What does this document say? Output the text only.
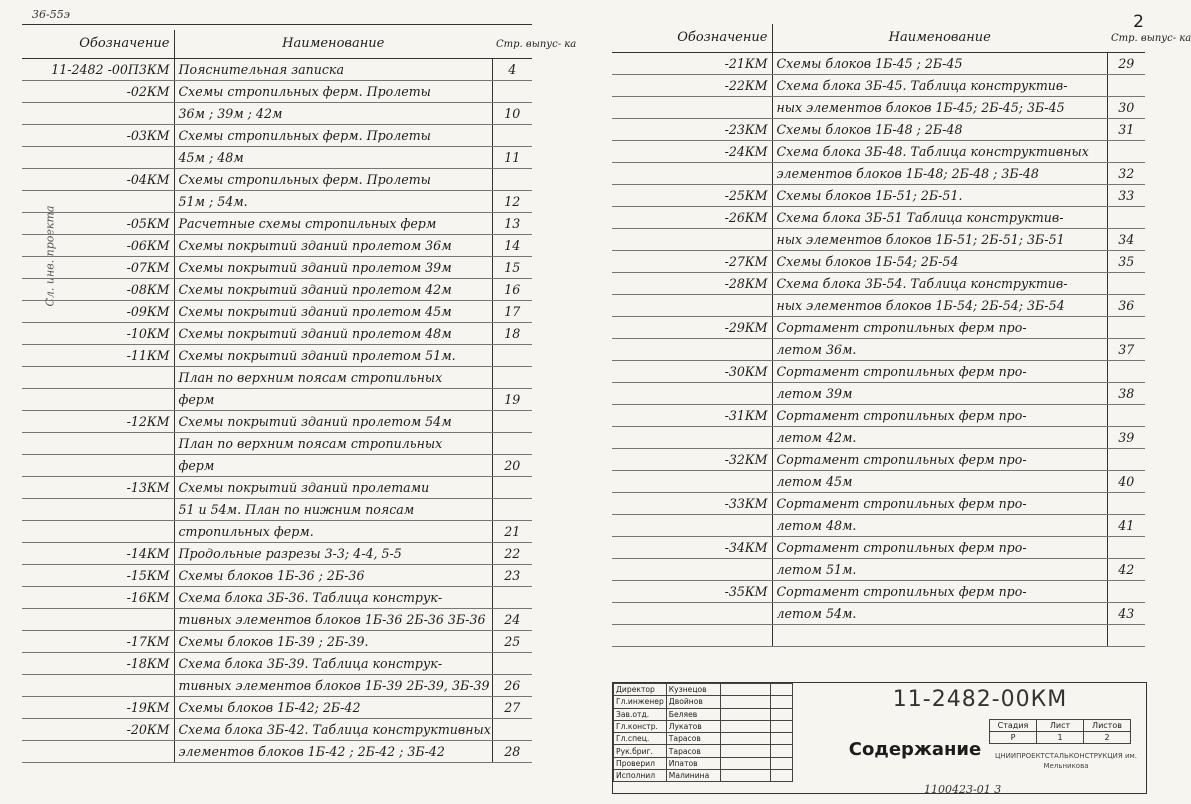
36-55э	2
Сл. инв. проекта
Обозначение	Наименование	Стр. выпус- ка
11-2482 -00П3КМ	Пояснительная записка	4
-02КМ	Схемы стропильных ферм. Пролеты	
	36м ; 39м ; 42м	10
-03КМ	Схемы стропильных ферм. Пролеты	
	45м ; 48м	11
-04КМ	Схемы стропильных ферм. Пролеты	
	51м ; 54м.	12
-05КМ	Расчетные схемы стропильных ферм	13
-06КМ	Схемы покрытий зданий пролетом 36м	14
-07КМ	Схемы покрытий зданий пролетом 39м	15
-08КМ	Схемы покрытий зданий пролетом 42м	16
-09КМ	Схемы покрытий зданий пролетом 45м	17
-10КМ	Схемы покрытий зданий пролетом 48м	18
-11КМ	Схемы покрытий зданий пролетом 51м.	
	План по верхним поясам стропильных	
	ферм	19
-12КМ	Схемы покрытий зданий пролетом 54м	
	План по верхним поясам стропильных	
	ферм	20
-13КМ	Схемы покрытий зданий пролетами	
	51 и 54м. План по нижним поясам	
	стропильных ферм.	21
-14КМ	Продольные разрезы 3-3; 4-4, 5-5	22
-15КМ	Схемы блоков 1Б-36 ; 2Б-36	23
-16КМ	Схема блока 3Б-36. Таблица конструк-	
	тивных элементов блоков 1Б-36 2Б-36 3Б-36	24
-17КМ	Схемы блоков 1Б-39 ; 2Б-39.	25
-18КМ	Схема блока 3Б-39. Таблица конструк-	
	тивных элементов блоков 1Б-39 2Б-39, 3Б-39	26
-19КМ	Схемы блоков 1Б-42; 2Б-42	27
-20КМ	Схема блока 3Б-42. Таблица конструктивных	
	элементов блоков 1Б-42 ; 2Б-42 ; 3Б-42	28
Обозначение	Наименование	Стр. выпус- ка
-21КМ	Схемы блоков 1Б-45 ; 2Б-45	29
-22КМ	Схема блока 3Б-45. Таблица конструктив-	
	ных элементов блоков 1Б-45; 2Б-45; 3Б-45	30
-23КМ	Схемы блоков 1Б-48 ; 2Б-48	31
-24КМ	Схема блока 3Б-48. Таблица конструктивных	
	элементов блоков 1Б-48; 2Б-48 ; 3Б-48	32
-25КМ	Схемы блоков 1Б-51; 2Б-51.	33
-26КМ	Схема блока 3Б-51 Таблица конструктив-	
	ных элементов блоков 1Б-51; 2Б-51; 3Б-51	34
-27КМ	Схемы блоков 1Б-54; 2Б-54	35
-28КМ	Схема блока 3Б-54. Таблица конструктив-	
	ных элементов блоков 1Б-54; 2Б-54; 3Б-54	36
-29КМ	Сортамент стропильных ферм про-	
	летом 36м.	37
-30КМ	Сортамент стропильных ферм про-	
	летом 39м	38
-31КМ	Сортамент стропильных ферм про-	
	летом 42м.	39
-32КМ	Сортамент стропильных ферм про-	
	летом 45м	40
-33КМ	Сортамент стропильных ферм про-	
	летом 48м.	41
-34КМ	Сортамент стропильных ферм про-	
	летом 51м.	42
-35КМ	Сортамент стропильных ферм про-	
	летом 54м.	43

Директор	Кузнецов		
Гл.инженер	Двойнов		
Зав.отд.	Беляев		
Гл.констр.	Лукатов		
Гл.спец.	Тарасов		
Рук.бриг.	Тарасов		
Проверил	Ипатов		
Исполнил	Малинина		
11-2482-00КМ
Содержание
Стадия	Лист	Листов
Р	1	2
ЦНИИПРОЕКТСТАЛЬКОНСТРУКЦИЯ им. Мельникова
1100423-01 3
